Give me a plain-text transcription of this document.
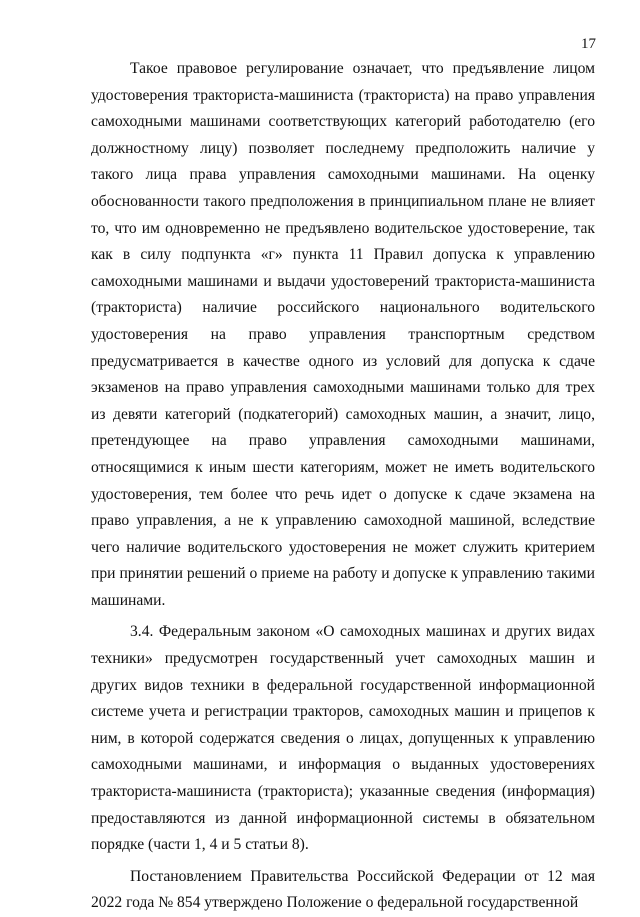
17

Такое правовое регулирование означает, что предъявление лицом удостоверения тракториста-машиниста (тракториста) на право управления самоходными машинами соответствующих категорий работодателю (его должностному лицу) позволяет последнему предположить наличие у такого лица права управления самоходными машинами. На оценку обоснованности такого предположения в принципиальном плане не влияет то, что им одновременно не предъявлено водительское удостоверение, так как в силу подпункта «г» пункта 11 Правил допуска к управлению самоходными машинами и выдачи удостоверений тракториста-машиниста (тракториста) наличие российского национального водительского удостоверения на право управления транспортным средством предусматривается в качестве одного из условий для допуска к сдаче экзаменов на право управления самоходными машинами только для трех из девяти категорий (подкатегорий) самоходных машин, а значит, лицо, претендующее на право управления самоходными машинами, относящимися к иным шести категориям, может не иметь водительского удостоверения, тем более что речь идет о допуске к сдаче экзамена на право управления, а не к управлению самоходной машиной, вследствие чего наличие водительского удостоверения не может служить критерием при принятии решений о приеме на работу и допуске к управлению такими машинами.

3.4. Федеральным законом «О самоходных машинах и других видах техники» предусмотрен государственный учет самоходных машин и других видов техники в федеральной государственной информационной системе учета и регистрации тракторов, самоходных машин и прицепов к ним, в которой содержатся сведения о лицах, допущенных к управлению самоходными машинами, и информация о выданных удостоверениях тракториста-машиниста (тракториста); указанные сведения (информация) предоставляются из данной информационной системы в обязательном порядке (части 1, 4 и 5 статьи 8).

Постановлением Правительства Российской Федерации от 12 мая 2022 года № 854 утверждено Положение о федеральной государственной
